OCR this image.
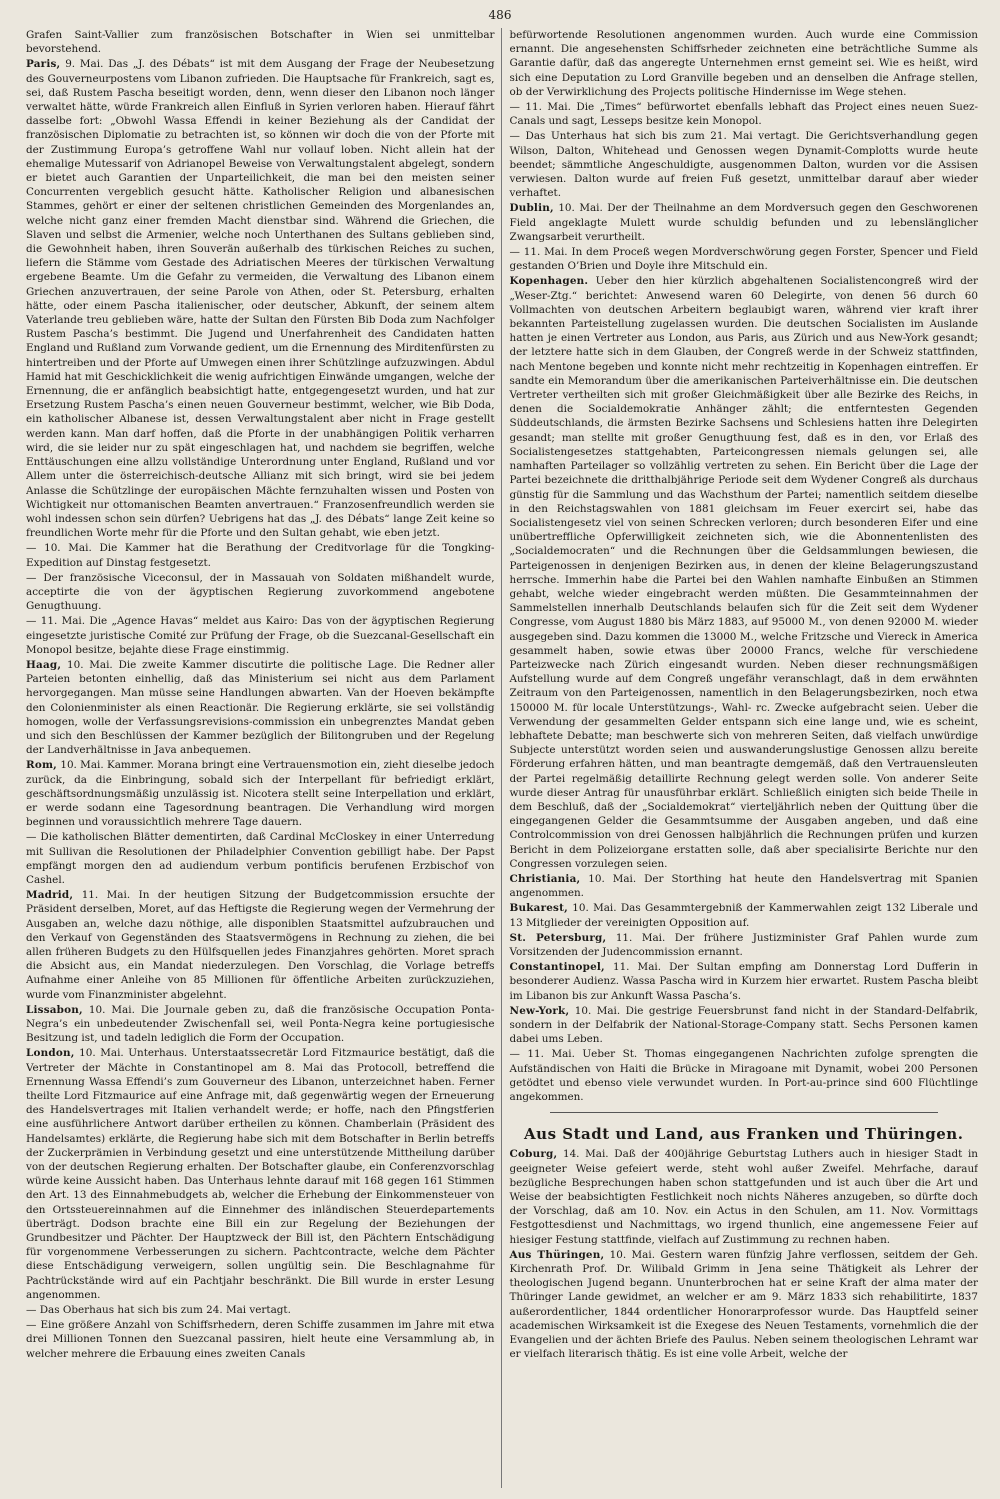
486

Grafen Saint-Vallier zum französischen Botschafter in Wien sei unmittelbar bevorstehend.

Paris, 9. Mai. Das „J. des Débats“ ist mit dem Ausgang der Frage der Neubesetzung des Gouverneurpostens vom Libanon zufrieden. Die Hauptsache für Frankreich, sagt es, sei, daß Rustem Pascha beseitigt worden, denn, wenn dieser den Libanon noch länger verwaltet hätte, würde Frankreich allen Einfluß in Syrien verloren haben. Hierauf fährt dasselbe fort: „Obwohl Wassa Effendi in keiner Beziehung als der Candidat der französischen Diplomatie zu betrachten ist, so können wir doch die von der Pforte mit der Zustimmung Europa’s getroffene Wahl nur vollauf loben. Nicht allein hat der ehemalige Mutessarif von Adrianopel Beweise von Verwaltungstalent abgelegt, sondern er bietet auch Garantien der Unparteilichkeit, die man bei den meisten seiner Concurrenten vergeblich gesucht hätte. Katholischer Religion und albanesischen Stammes, gehört er einer der seltenen christlichen Gemeinden des Morgenlandes an, welche nicht ganz einer fremden Macht dienstbar sind. Während die Griechen, die Slaven und selbst die Armenier, welche noch Unterthanen des Sultans geblieben sind, die Gewohnheit haben, ihren Souverän außerhalb des türkischen Reiches zu suchen, liefern die Stämme vom Gestade des Adriatischen Meeres der türkischen Verwaltung ergebene Beamte. Um die Gefahr zu vermeiden, die Verwaltung des Libanon einem Griechen anzuvertrauen, der seine Parole von Athen, oder St. Petersburg, erhalten hätte, oder einem Pascha italienischer, oder deutscher, Abkunft, der seinem altem Vaterlande treu geblieben wäre, hatte der Sultan den Fürsten Bib Doda zum Nachfolger Rustem Pascha’s bestimmt. Die Jugend und Unerfahrenheit des Candidaten hatten England und Rußland zum Vorwande gedient, um die Ernennung des Mirditenfürsten zu hintertreiben und der Pforte auf Umwegen einen ihrer Schützlinge aufzuzwingen. Abdul Hamid hat mit Geschicklichkeit die wenig aufrichtigen Einwände umgangen, welche der Ernennung, die er anfänglich beabsichtigt hatte, entgegengesetzt wurden, und hat zur Ersetzung Rustem Pascha’s einen neuen Gouverneur bestimmt, welcher, wie Bib Doda, ein katholischer Albanese ist, dessen Verwaltungstalent aber nicht in Frage gestellt werden kann. Man darf hoffen, daß die Pforte in der unabhängigen Politik verharren wird, die sie leider nur zu spät eingeschlagen hat, und nachdem sie begriffen, welche Enttäuschungen eine allzu vollständige Unterordnung unter England, Rußland und vor Allem unter die österreichisch-deutsche Allianz mit sich bringt, wird sie bei jedem Anlasse die Schützlinge der europäischen Mächte fernzuhalten wissen und Posten von Wichtigkeit nur ottomanischen Beamten anvertrauen.“ Franzosenfreundlich werden sie wohl indessen schon sein dürfen? Uebrigens hat das „J. des Débats“ lange Zeit keine so freundlichen Worte mehr für die Pforte und den Sultan gehabt, wie eben jetzt.

— 10. Mai. Die Kammer hat die Berathung der Creditvorlage für die Tongking-Expedition auf Dinstag festgesetzt.

— Der französische Viceconsul, der in Massauah von Soldaten mißhandelt wurde, acceptirte die von der ägyptischen Regierung zuvorkommend angebotene Genugthuung.

— 11. Mai. Die „Agence Havas“ meldet aus Kairo: Das von der ägyptischen Regierung eingesetzte juristische Comité zur Prüfung der Frage, ob die Suezcanal-Gesellschaft ein Monopol besitze, bejahte diese Frage einstimmig.

Haag, 10. Mai. Die zweite Kammer discutirte die politische Lage. Die Redner aller Parteien betonten einhellig, daß das Ministerium sei nicht aus dem Parlament hervorgegangen. Man müsse seine Handlungen abwarten. Van der Hoeven bekämpfte den Colonienminister als einen Reactionär. Die Regierung erklärte, sie sei vollständig homogen, wolle der Verfassungsrevisions-commission ein unbegrenztes Mandat geben und sich den Beschlüssen der Kammer bezüglich der Bilitongruben und der Regelung der Landverhältnisse in Java anbequemen.

Rom, 10. Mai. Kammer. Morana bringt eine Vertrauensmotion ein, zieht dieselbe jedoch zurück, da die Einbringung, sobald sich der Interpellant für befriedigt erklärt, geschäftsordnungsmäßig unzulässig ist. Nicotera stellt seine Interpellation und erklärt, er werde sodann eine Tagesordnung beantragen. Die Verhandlung wird morgen beginnen und voraussichtlich mehrere Tage dauern.

— Die katholischen Blätter dementirten, daß Cardinal McCloskey in einer Unterredung mit Sullivan die Resolutionen der Philadelphier Convention gebilligt habe. Der Papst empfängt morgen den ad audiendum verbum pontificis berufenen Erzbischof von Cashel.

Madrid, 11. Mai. In der heutigen Sitzung der Budgetcommission ersuchte der Präsident derselben, Moret, auf das Heftigste die Regierung wegen der Vermehrung der Ausgaben an, welche dazu nöthige, alle disponiblen Staatsmittel aufzubrauchen und den Verkauf von Gegenständen des Staatsvermögens in Rechnung zu ziehen, die bei allen früheren Budgets zu den Hülfsquellen jedes Finanzjahres gehörten. Moret sprach die Absicht aus, ein Mandat niederzulegen. Den Vorschlag, die Vorlage betreffs Aufnahme einer Anleihe von 85 Millionen für öffentliche Arbeiten zurückzuziehen, wurde vom Finanzminister abgelehnt.

Lissabon, 10. Mai. Die Journale geben zu, daß die französische Occupation Ponta-Negra’s ein unbedeutender Zwischenfall sei, weil Ponta-Negra keine portugiesische Besitzung ist, und tadeln lediglich die Form der Occupation.

London, 10. Mai. Unterhaus. Unterstaatssecretär Lord Fitzmaurice bestätigt, daß die Vertreter der Mächte in Constantinopel am 8. Mai das Protocoll, betreffend die Ernennung Wassa Effendi’s zum Gouverneur des Libanon, unterzeichnet haben. Ferner theilte Lord Fitzmaurice auf eine Anfrage mit, daß gegenwärtig wegen der Erneuerung des Handelsvertrages mit Italien verhandelt werde; er hoffe, nach den Pfingstferien eine ausführlichere Antwort darüber ertheilen zu können. Chamberlain (Präsident des Handelsamtes) erklärte, die Regierung habe sich mit dem Botschafter in Berlin betreffs der Zuckerprämien in Verbindung gesetzt und eine unterstützende Mittheilung darüber von der deutschen Regierung erhalten. Der Botschafter glaube, ein Conferenzvorschlag würde keine Aussicht haben. Das Unterhaus lehnte darauf mit 168 gegen 161 Stimmen den Art. 13 des Einnahmebudgets ab, welcher die Erhebung der Einkommensteuer von den Ortssteuereinnahmen auf die Einnehmer des inländischen Steuerdepartements überträgt. Dodson brachte eine Bill ein zur Regelung der Beziehungen der Grundbesitzer und Pächter. Der Hauptzweck der Bill ist, den Pächtern Entschädigung für vorgenommene Verbesserungen zu sichern. Pachtcontracte, welche dem Pächter diese Entschädigung verweigern, sollen ungültig sein. Die Beschlagnahme für Pachtrückstände wird auf ein Pachtjahr beschränkt. Die Bill wurde in erster Lesung angenommen.

— Das Oberhaus hat sich bis zum 24. Mai vertagt.

— Eine größere Anzahl von Schiffsrhedern, deren Schiffe zusammen im Jahre mit etwa drei Millionen Tonnen den Suezcanal passiren, hielt heute eine Versammlung ab, in welcher mehrere die Erbauung eines zweiten Canals

befürwortende Resolutionen angenommen wurden. Auch wurde eine Commission ernannt. Die angesehensten Schiffsrheder zeichneten eine beträchtliche Summe als Garantie dafür, daß das angeregte Unternehmen ernst gemeint sei. Wie es heißt, wird sich eine Deputation zu Lord Granville begeben und an denselben die Anfrage stellen, ob der Verwirklichung des Projects politische Hindernisse im Wege stehen.

— 11. Mai. Die „Times“ befürwortet ebenfalls lebhaft das Project eines neuen Suez-Canals und sagt, Lesseps besitze kein Monopol.

— Das Unterhaus hat sich bis zum 21. Mai vertagt. Die Gerichtsverhandlung gegen Wilson, Dalton, Whitehead und Genossen wegen Dynamit-Complotts wurde heute beendet; sämmtliche Angeschuldigte, ausgenommen Dalton, wurden vor die Assisen verwiesen. Dalton wurde auf freien Fuß gesetzt, unmittelbar darauf aber wieder verhaftet.

Dublin, 10. Mai. Der der Theilnahme an dem Mordversuch gegen den Geschworenen Field angeklagte Mulett wurde schuldig befunden und zu lebenslänglicher Zwangsarbeit verurtheilt.

— 11. Mai. In dem Proceß wegen Mordverschwörung gegen Forster, Spencer und Field gestanden O’Brien und Doyle ihre Mitschuld ein.

Kopenhagen. Ueber den hier kürzlich abgehaltenen Socialistencongreß wird der „Weser-Ztg.“ berichtet: Anwesend waren 60 Delegirte, von denen 56 durch 60 Vollmachten von deutschen Arbeitern beglaubigt waren, während vier kraft ihrer bekannten Parteistellung zugelassen wurden. Die deutschen Socialisten im Auslande hatten je einen Vertreter aus London, aus Paris, aus Zürich und aus New-York gesandt; der letztere hatte sich in dem Glauben, der Congreß werde in der Schweiz stattfinden, nach Mentone begeben und konnte nicht mehr rechtzeitig in Kopenhagen eintreffen. Er sandte ein Memorandum über die amerikanischen Parteiverhältnisse ein. Die deutschen Vertreter vertheilten sich mit großer Gleichmäßigkeit über alle Bezirke des Reichs, in denen die Socialdemokratie Anhänger zählt; die entferntesten Gegenden Süddeutschlands, die ärmsten Bezirke Sachsens und Schlesiens hatten ihre Delegirten gesandt; man stellte mit großer Genugthuung fest, daß es in den, vor Erlaß des Socialistengesetzes stattgehabten, Parteicongressen niemals gelungen sei, alle namhaften Parteilager so vollzählig vertreten zu sehen. Ein Bericht über die Lage der Partei bezeichnete die dritthalbjährige Periode seit dem Wydener Congreß als durchaus günstig für die Sammlung und das Wachsthum der Partei; namentlich seitdem dieselbe in den Reichstagswahlen von 1881 gleichsam im Feuer exercirt sei, habe das Socialistengesetz viel von seinen Schrecken verloren; durch besonderen Eifer und eine unübertreffliche Opferwilligkeit zeichneten sich, wie die Abonnentenlisten des „Socialdemocraten“ und die Rechnungen über die Geldsammlungen bewiesen, die Parteigenossen in denjenigen Bezirken aus, in denen der kleine Belagerungszustand herrsche. Immerhin habe die Partei bei den Wahlen namhafte Einbußen an Stimmen gehabt, welche wieder eingebracht werden müßten. Die Gesammteinnahmen der Sammelstellen innerhalb Deutschlands belaufen sich für die Zeit seit dem Wydener Congresse, vom August 1880 bis März 1883, auf 95000 M., von denen 92000 M. wieder ausgegeben sind. Dazu kommen die 13000 M., welche Fritzsche und Viereck in America gesammelt haben, sowie etwas über 20000 Francs, welche für verschiedene Parteizwecke nach Zürich eingesandt wurden. Neben dieser rechnungsmäßigen Aufstellung wurde auf dem Congreß ungefähr veranschlagt, daß in dem erwähnten Zeitraum von den Parteigenossen, namentlich in den Belagerungsbezirken, noch etwa 150000 M. für locale Unterstützungs-, Wahl- rc. Zwecke aufgebracht seien. Ueber die Verwendung der gesammelten Gelder entspann sich eine lange und, wie es scheint, lebhaftete Debatte; man beschwerte sich von mehreren Seiten, daß vielfach unwürdige Subjecte unterstützt worden seien und auswanderungslustige Genossen allzu bereite Förderung erfahren hätten, und man beantragte demgemäß, daß den Vertrauensleuten der Partei regelmäßig detaillirte Rechnung gelegt werden solle. Von anderer Seite wurde dieser Antrag für unausführbar erklärt. Schließlich einigten sich beide Theile in dem Beschluß, daß der „Socialdemokrat“ vierteljährlich neben der Quittung über die eingegangenen Gelder die Gesammtsumme der Ausgaben angeben, und daß eine Controlcommission von drei Genossen halbjährlich die Rechnungen prüfen und kurzen Bericht in dem Polizeiorgane erstatten solle, daß aber specialisirte Berichte nur den Congressen vorzulegen seien.

Christiania, 10. Mai. Der Storthing hat heute den Handelsvertrag mit Spanien angenommen.

Bukarest, 10. Mai. Das Gesammtergebniß der Kammerwahlen zeigt 132 Liberale und 13 Mitglieder der vereinigten Opposition auf.

St. Petersburg, 11. Mai. Der frühere Justizminister Graf Pahlen wurde zum Vorsitzenden der Judencommission ernannt.

Constantinopel, 11. Mai. Der Sultan empfing am Donnerstag Lord Dufferin in besonderer Audienz. Wassa Pascha wird in Kurzem hier erwartet. Rustem Pascha bleibt im Libanon bis zur Ankunft Wassa Pascha’s.

New-York, 10. Mai. Die gestrige Feuersbrunst fand nicht in der Standard-Delfabrik, sondern in der Delfabrik der National-Storage-Company statt. Sechs Personen kamen dabei ums Leben.

— 11. Mai. Ueber St. Thomas eingegangenen Nachrichten zufolge sprengten die Aufständischen von Haiti die Brücke in Miragoane mit Dynamit, wobei 200 Personen getödtet und ebenso viele verwundet wurden. In Port-au-prince sind 600 Flüchtlinge angekommen.

Aus Stadt und Land, aus Franken und Thüringen.

Coburg, 14. Mai. Daß der 400jährige Geburtstag Luthers auch in hiesiger Stadt in geeigneter Weise gefeiert werde, steht wohl außer Zweifel. Mehrfache, darauf bezügliche Besprechungen haben schon stattgefunden und ist auch über die Art und Weise der beabsichtigten Festlichkeit noch nichts Näheres anzugeben, so dürfte doch der Vorschlag, daß am 10. Nov. ein Actus in den Schulen, am 11. Nov. Vormittags Festgottesdienst und Nachmittags, wo irgend thunlich, eine angemessene Feier auf hiesiger Festung stattfinde, vielfach auf Zustimmung zu rechnen haben.

Aus Thüringen, 10. Mai. Gestern waren fünfzig Jahre verflossen, seitdem der Geh. Kirchenrath Prof. Dr. Wilibald Grimm in Jena seine Thätigkeit als Lehrer der theologischen Jugend begann. Ununterbrochen hat er seine Kraft der alma mater der Thüringer Lande gewidmet, an welcher er am 9. März 1833 sich rehabilitirte, 1837 außerordentlicher, 1844 ordentlicher Honorarprofessor wurde. Das Hauptfeld seiner academischen Wirksamkeit ist die Exegese des Neuen Testaments, vornehmlich die der Evangelien und der ächten Briefe des Paulus. Neben seinem theologischen Lehramt war er vielfach literarisch thätig. Es ist eine volle Arbeit, welche der
